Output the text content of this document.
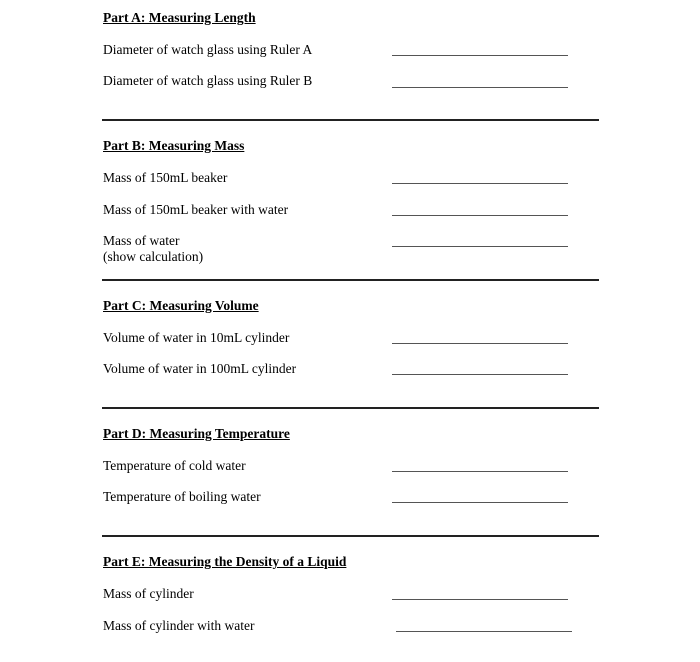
Part A: Measuring Length
Diameter of watch glass using Ruler A
Diameter of watch glass using Ruler B
Part B: Measuring Mass
Mass of 150mL beaker
Mass of 150mL beaker with water
Mass of water
(show calculation)
Part C: Measuring Volume
Volume of water in 10mL cylinder
Volume of water in 100mL cylinder
Part D: Measuring Temperature
Temperature of cold water
Temperature of boiling water
Part E: Measuring the Density of a Liquid
Mass of cylinder
Mass of cylinder with water
